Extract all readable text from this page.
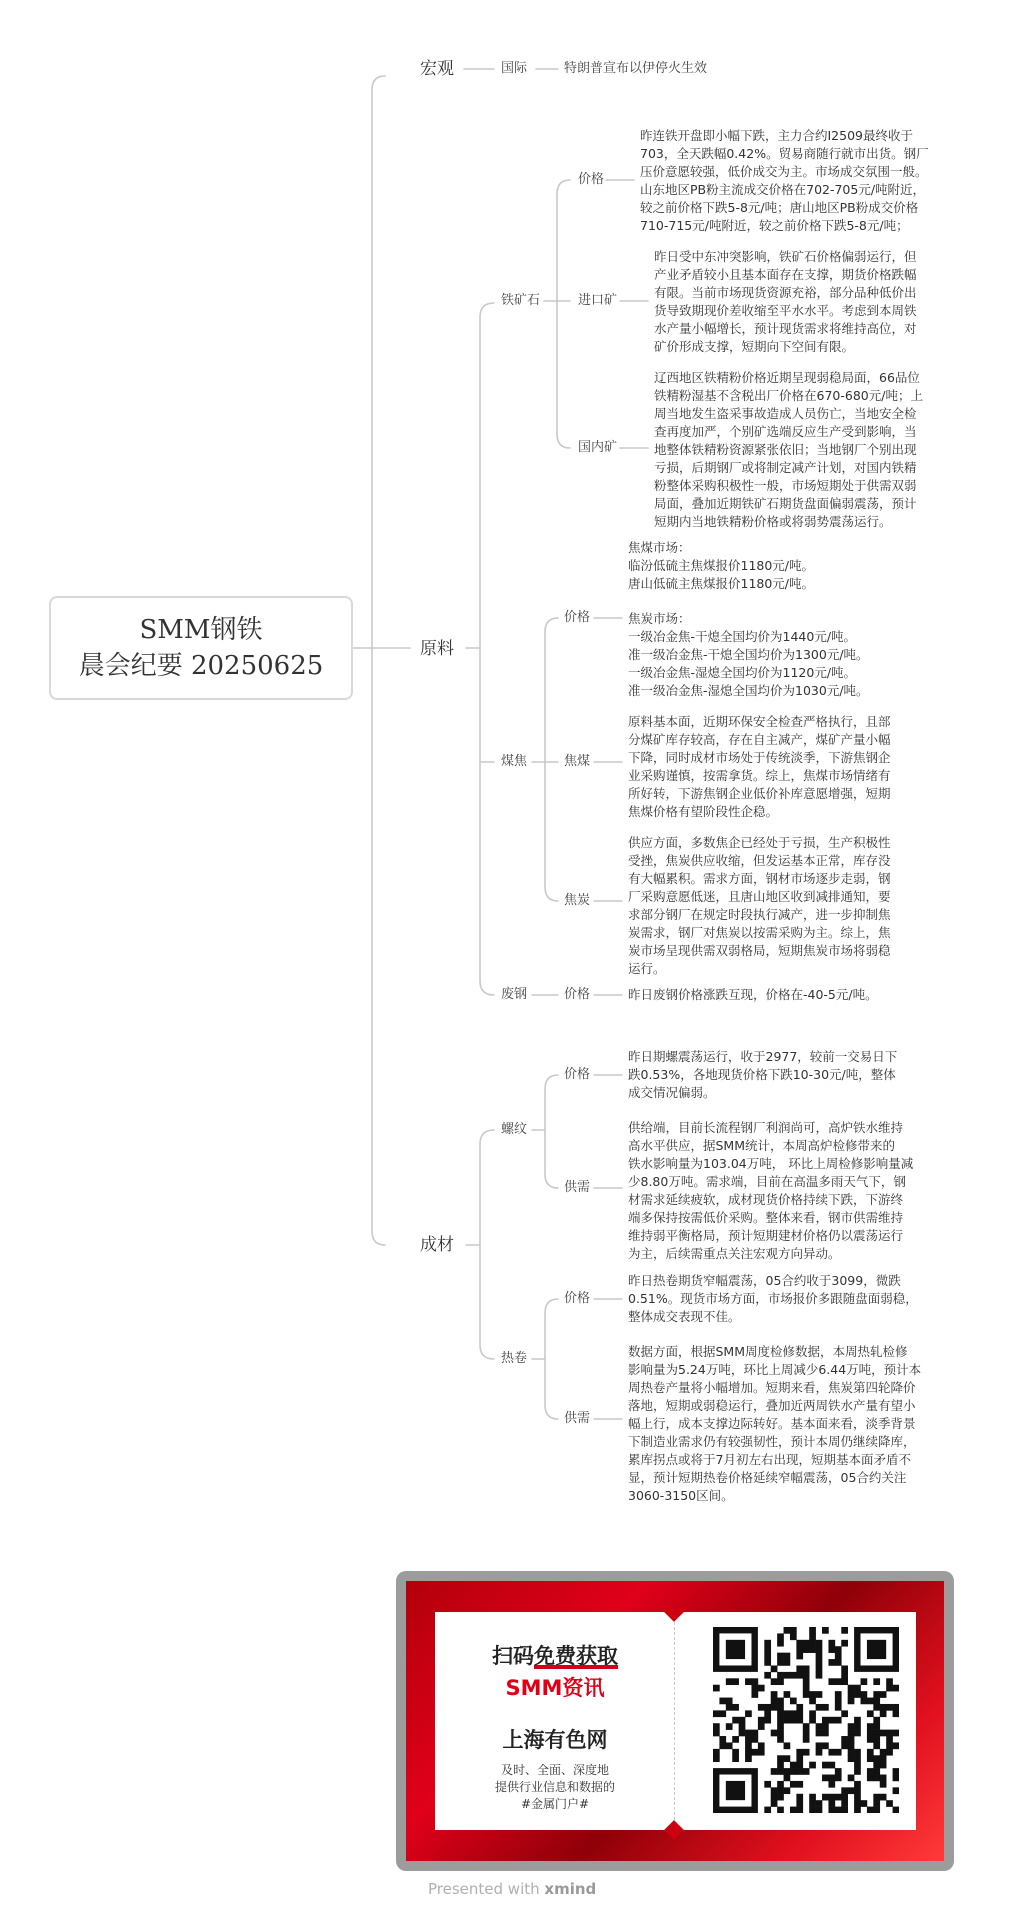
SMM钢铁
晨会纪要 20250625
宏观	国际	特朗普宣布以伊停火生效
原料
铁矿石
价格
昨连铁开盘即小幅下跌，主力合约I2509最终收于
703，全天跌幅0.42%。贸易商随行就市出货。钢厂
压价意愿较强，低价成交为主。市场成交氛围一般。
山东地区PB粉主流成交价格在702-705元/吨附近，
较之前价格下跌5-8元/吨；唐山地区PB粉成交价格
710-715元/吨附近，较之前价格下跌5-8元/吨；
进口矿
昨日受中东冲突影响，铁矿石价格偏弱运行，但
产业矛盾较小且基本面存在支撑，期货价格跌幅
有限。当前市场现货资源充裕，部分品种低价出
货导致期现价差收缩至平水水平。考虑到本周铁
水产量小幅增长，预计现货需求将维持高位，对
矿价形成支撑，短期向下空间有限。
国内矿
辽西地区铁精粉价格近期呈现弱稳局面，66品位
铁精粉湿基不含税出厂价格在670-680元/吨；上
周当地发生盗采事故造成人员伤亡，当地安全检
查再度加严，个别矿选端反应生产受到影响，当
地整体铁精粉资源紧张依旧；当地钢厂个别出现
亏损，后期钢厂或将制定减产计划，对国内铁精
粉整体采购积极性一般，市场短期处于供需双弱
局面，叠加近期铁矿石期货盘面偏弱震荡，预计
短期内当地铁精粉价格或将弱势震荡运行。
煤焦
价格
焦煤市场：
临汾低硫主焦煤报价1180元/吨。
唐山低硫主焦煤报价1180元/吨。
焦炭市场：
一级冶金焦-干熄全国均价为1440元/吨。
准一级冶金焦-干熄全国均价为1300元/吨。
一级冶金焦-湿熄全国均价为1120元/吨。
准一级冶金焦-湿熄全国均价为1030元/吨。
焦煤
原料基本面，近期环保安全检查严格执行，且部
分煤矿库存较高，存在自主减产，煤矿产量小幅
下降，同时成材市场处于传统淡季，下游焦钢企
业采购谨慎，按需拿货。综上，焦煤市场情绪有
所好转，下游焦钢企业低价补库意愿增强，短期
焦煤价格有望阶段性企稳。
焦炭
供应方面，多数焦企已经处于亏损，生产积极性
受挫，焦炭供应收缩，但发运基本正常，库存没
有大幅累积。需求方面，钢材市场逐步走弱，钢
厂采购意愿低迷，且唐山地区收到减排通知，要
求部分钢厂在规定时段执行减产，进一步抑制焦
炭需求，钢厂对焦炭以按需采购为主。综上，焦
炭市场呈现供需双弱格局，短期焦炭市场将弱稳
运行。
废钢	价格	昨日废钢价格涨跌互现，价格在-40-5元/吨。
成材
螺纹
价格
昨日期螺震荡运行，收于2977，较前一交易日下
跌0.53%，各地现货价格下跌10-30元/吨，整体
成交情况偏弱。
供需
供给端，目前长流程钢厂利润尚可，高炉铁水维持
高水平供应，据SMM统计，本周高炉检修带来的
铁水影响量为103.04万吨， 环比上周检修影响量减
少8.80万吨。需求端，目前在高温多雨天气下，钢
材需求延续疲软，成材现货价格持续下跌，下游终
端多保持按需低价采购。整体来看，钢市供需维持
维持弱平衡格局，预计短期建材价格仍以震荡运行
为主，后续需重点关注宏观方向异动。
热卷
价格
昨日热卷期货窄幅震荡，05合约收于3099，微跌
0.51%。现货市场方面，市场报价多跟随盘面弱稳，
整体成交表现不佳。
供需
数据方面，根据SMM周度检修数据，本周热轧检修
影响量为5.24万吨，环比上周减少6.44万吨，预计本
周热卷产量将小幅增加。短期来看，焦炭第四轮降价
落地，短期或弱稳运行，叠加近两周铁水产量有望小
幅上行，成本支撑边际转好。基本面来看，淡季背景
下制造业需求仍有较强韧性，预计本周仍继续降库，
累库拐点或将于7月初左右出现，短期基本面矛盾不
显，预计短期热卷价格延续窄幅震荡，05合约关注
3060-3150区间。
扫码免费获取
SMM资讯
上海有色网
及时、全面、深度地
提供行业信息和数据的
#金属门户#
Presented with xmind
